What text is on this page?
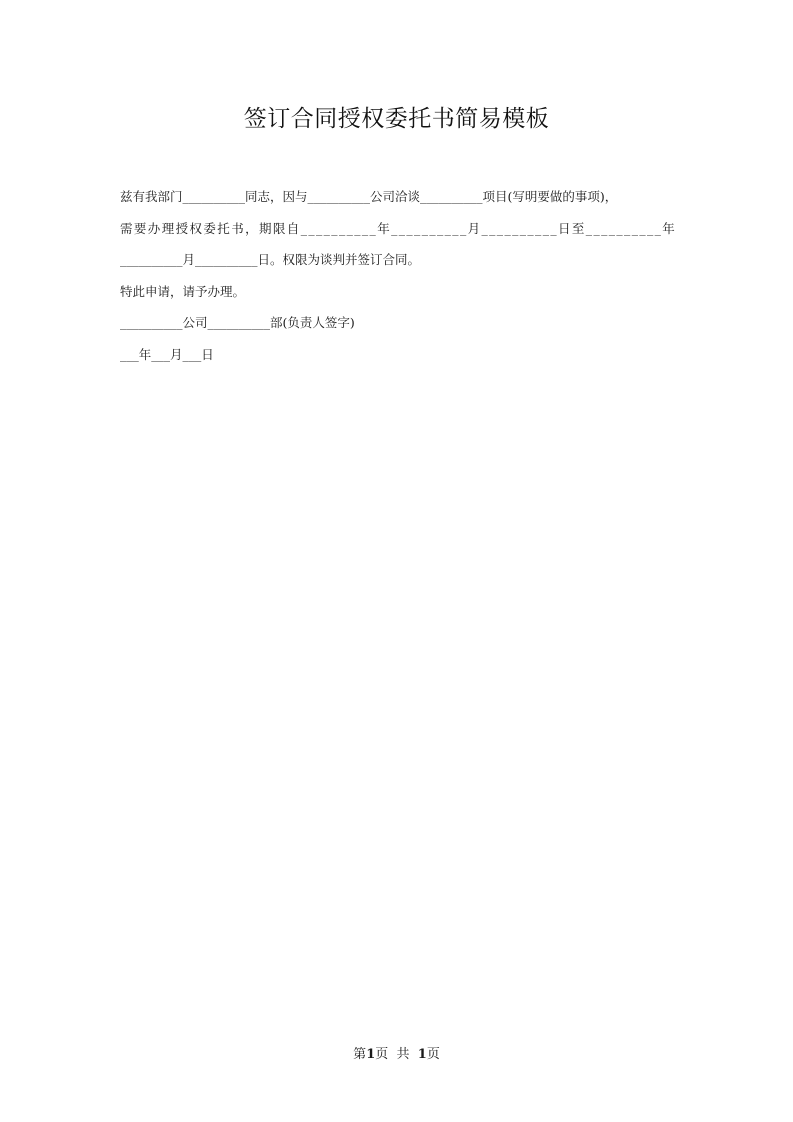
签订合同授权委托书简易模板
兹有我部门__________同志，因与__________公司洽谈__________项目(写明要做的事项)，
需要办理授权委托书，期限自__________年__________月__________日至__________年
__________月__________日。权限为谈判并签订合同。
特此申请，请予办理。
__________公司__________部(负责人签字)
___年___月___日
第1页  共  1页
